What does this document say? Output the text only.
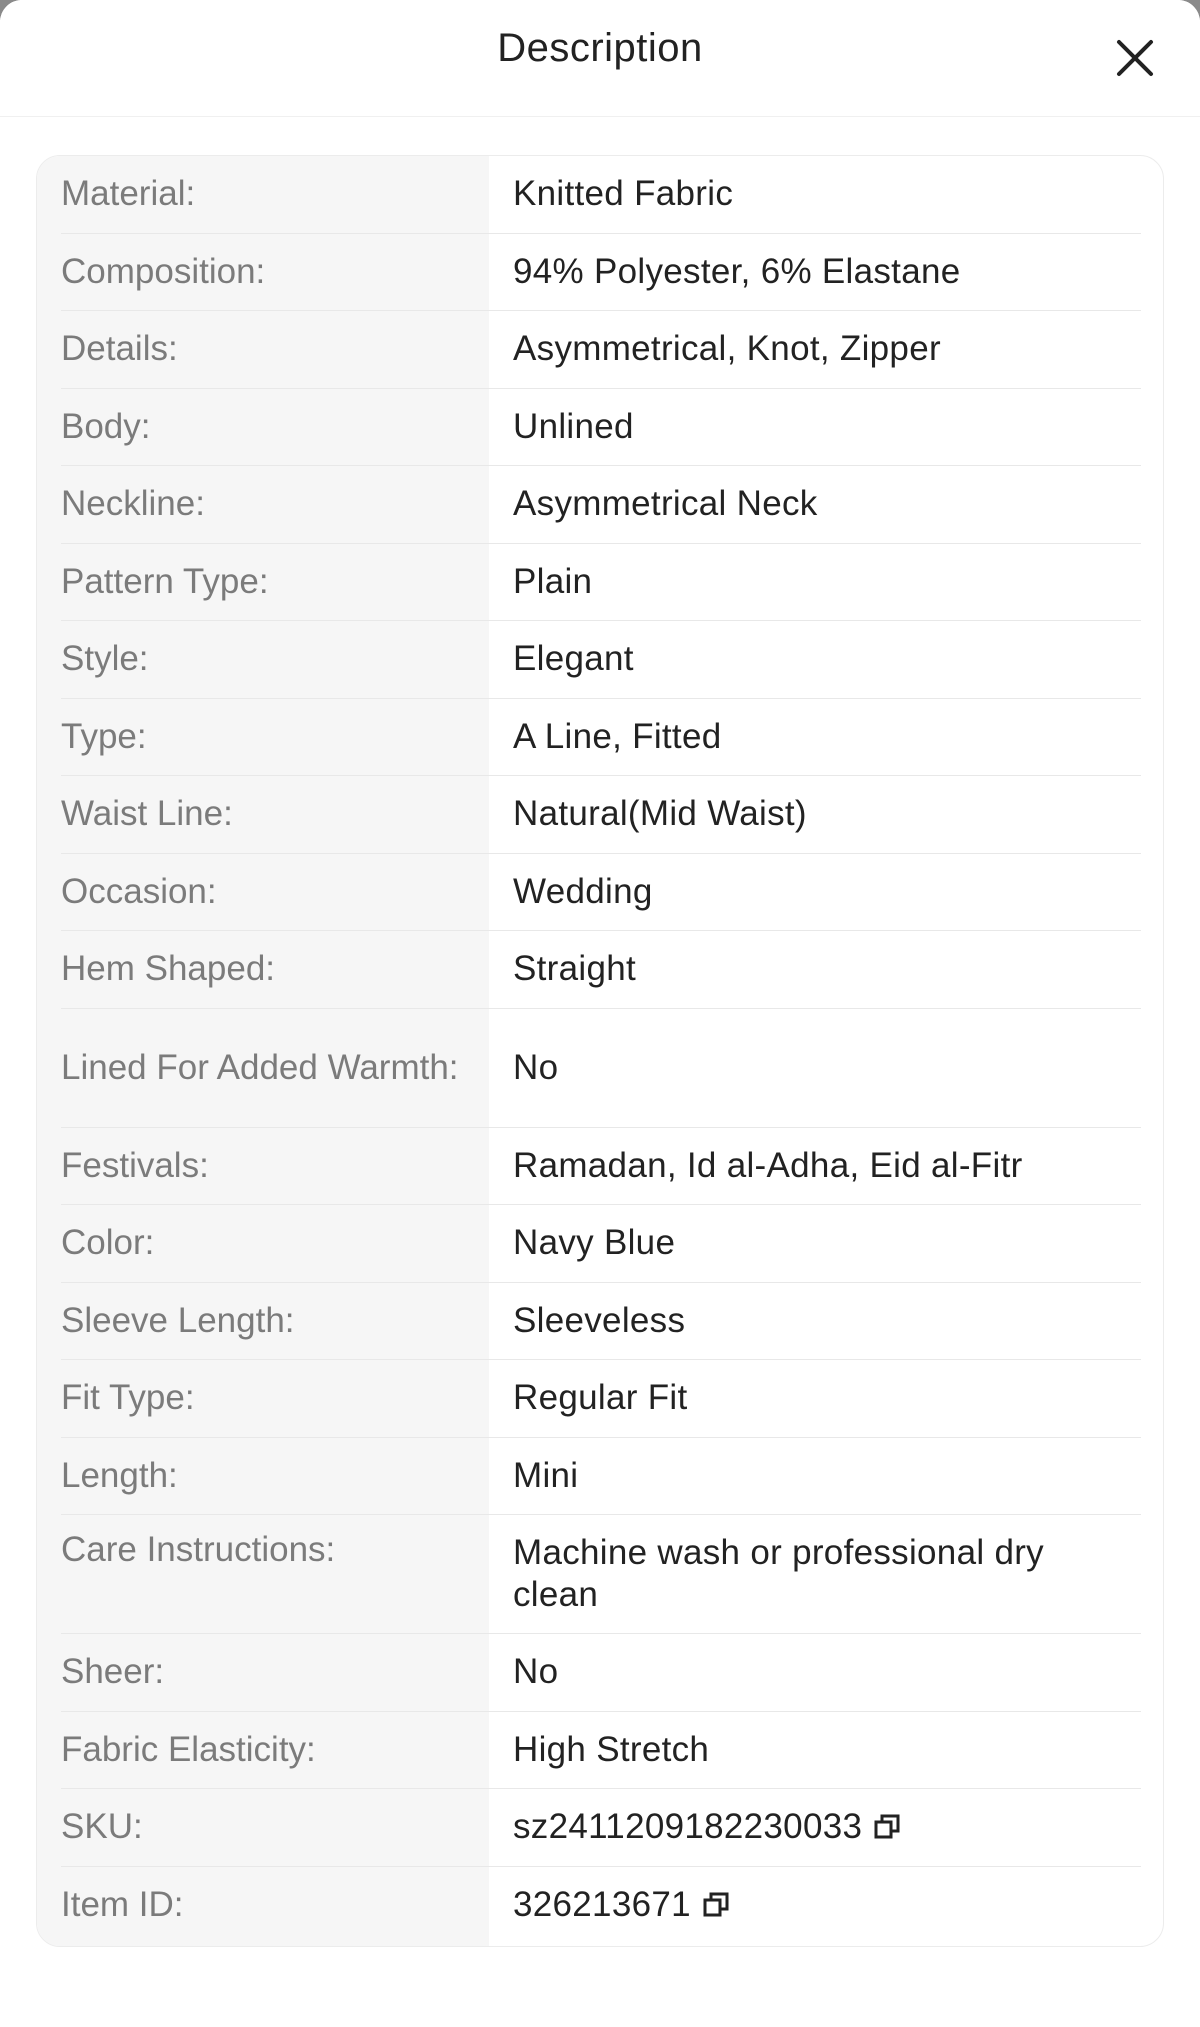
Description
Material:	Knitted Fabric
Composition:	94% Polyester, 6% Elastane
Details:	Asymmetrical, Knot, Zipper
Body:	Unlined
Neckline:	Asymmetrical Neck
Pattern Type:	Plain
Style:	Elegant
Type:	A Line, Fitted
Waist Line:	Natural(Mid Waist)
Occasion:	Wedding
Hem Shaped:	Straight
Lined For Added Warmth:	No
Festivals:	Ramadan, Id al-Adha, Eid al-Fitr
Color:	Navy Blue
Sleeve Length:	Sleeveless
Fit Type:	Regular Fit
Length:	Mini
Care Instructions:	Machine wash or professional dry clean
Sheer:	No
Fabric Elasticity:	High Stretch
SKU:	sz2411209182230033
Item ID:	326213671
